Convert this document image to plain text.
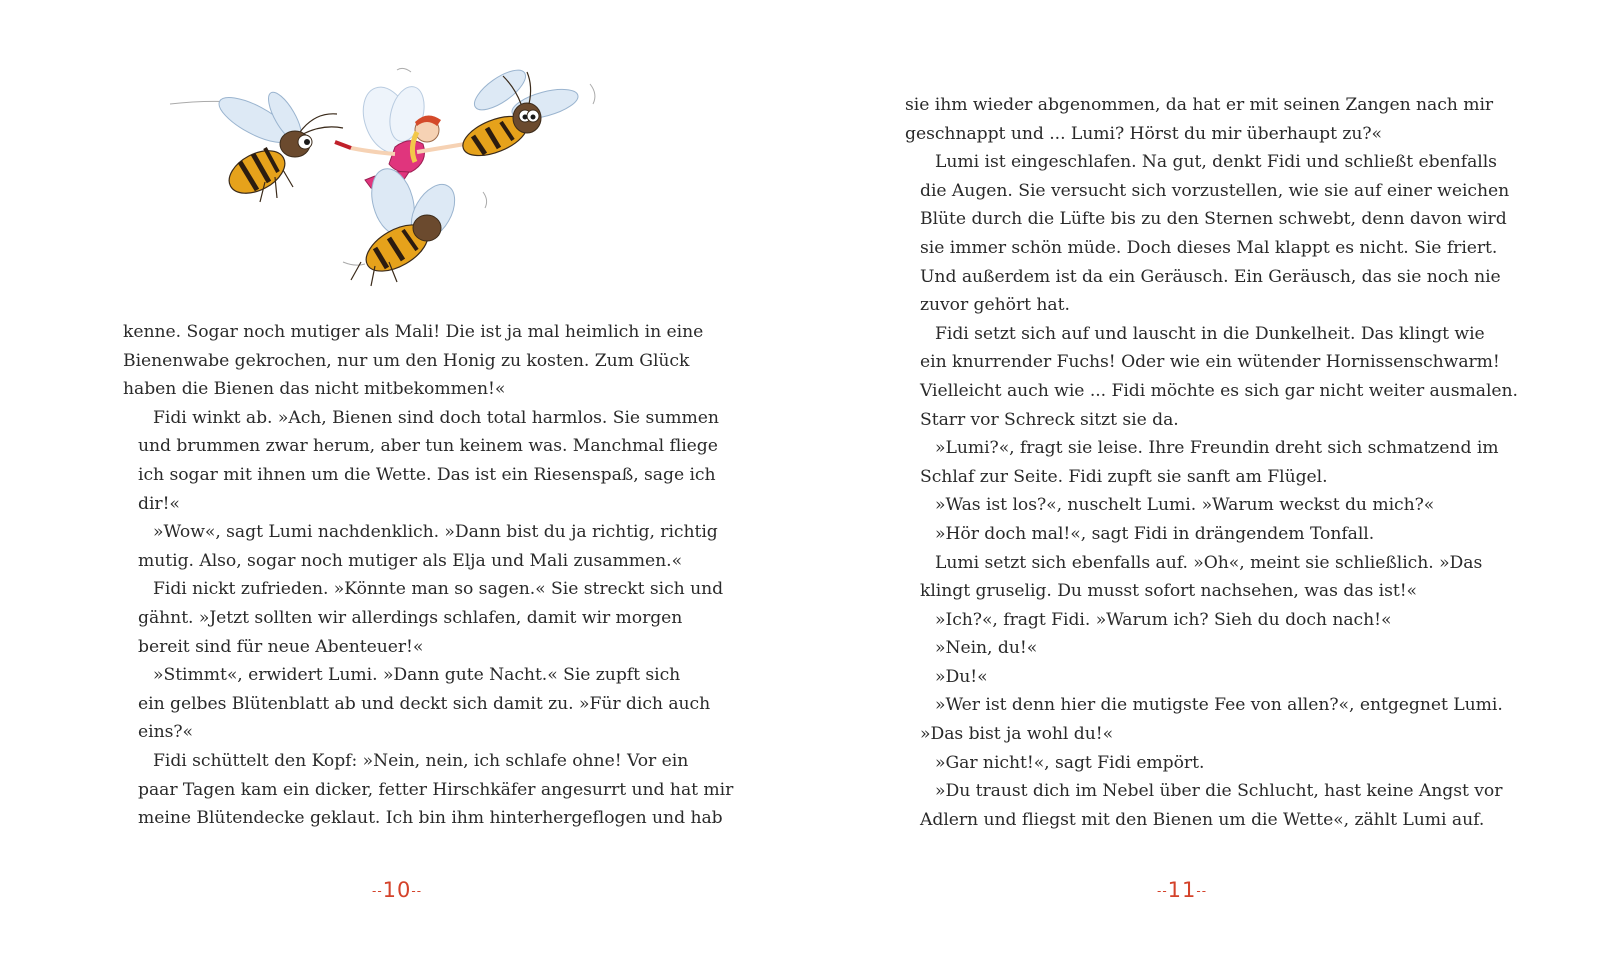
kenne. Sogar noch mutiger als Mali! Die ist ja mal heimlich in eine
Bienenwabe gekrochen, nur um den Honig zu kosten. Zum Glück
haben die Bienen das nicht mitbekommen!«

Fidi winkt ab. »Ach, Bienen sind doch total harmlos. Sie summen
und brummen zwar herum, aber tun keinem was. Manchmal fliege
ich sogar mit ihnen um die Wette. Das ist ein Riesenspaß, sage ich
dir!«

»Wow«, sagt Lumi nachdenklich. »Dann bist du ja richtig, richtig
mutig. Also, sogar noch mutiger als Elja und Mali zusammen.«

Fidi nickt zufrieden. »Könnte man so sagen.« Sie streckt sich und
gähnt. »Jetzt sollten wir allerdings schlafen, damit wir morgen
bereit sind für neue Abenteuer!«

»Stimmt«, erwidert Lumi. »Dann gute Nacht.« Sie zupft sich
ein gelbes Blütenblatt ab und deckt sich damit zu. »Für dich auch
eins?«

Fidi schüttelt den Kopf: »Nein, nein, ich schlafe ohne! Vor ein
paar Tagen kam ein dicker, fetter Hirschkäfer angesurrt und hat mir
meine Blütendecke geklaut. Ich bin ihm hinterhergeflogen und hab

--10--

sie ihm wieder abgenommen, da hat er mit seinen Zangen nach mir
geschnappt und ... Lumi? Hörst du mir überhaupt zu?«

Lumi ist eingeschlafen. Na gut, denkt Fidi und schließt ebenfalls
die Augen. Sie versucht sich vorzustellen, wie sie auf einer weichen
Blüte durch die Lüfte bis zu den Sternen schwebt, denn davon wird
sie immer schön müde. Doch dieses Mal klappt es nicht. Sie friert.
Und außerdem ist da ein Geräusch. Ein Geräusch, das sie noch nie
zuvor gehört hat.

Fidi setzt sich auf und lauscht in die Dunkelheit. Das klingt wie
ein knurrender Fuchs! Oder wie ein wütender Hornissenschwarm!
Vielleicht auch wie ... Fidi möchte es sich gar nicht weiter ausmalen.
Starr vor Schreck sitzt sie da.

»Lumi?«, fragt sie leise. Ihre Freundin dreht sich schmatzend im
Schlaf zur Seite. Fidi zupft sie sanft am Flügel.

»Was ist los?«, nuschelt Lumi. »Warum weckst du mich?«

»Hör doch mal!«, sagt Fidi in drängendem Tonfall.

Lumi setzt sich ebenfalls auf. »Oh«, meint sie schließlich. »Das
klingt gruselig. Du musst sofort nachsehen, was das ist!«

»Ich?«, fragt Fidi. »Warum ich? Sieh du doch nach!«

»Nein, du!«

»Du!«

»Wer ist denn hier die mutigste Fee von allen?«, entgegnet Lumi.
»Das bist ja wohl du!«

»Gar nicht!«, sagt Fidi empört.

»Du traust dich im Nebel über die Schlucht, hast keine Angst vor
Adlern und fliegst mit den Bienen um die Wette«, zählt Lumi auf.

--11--
